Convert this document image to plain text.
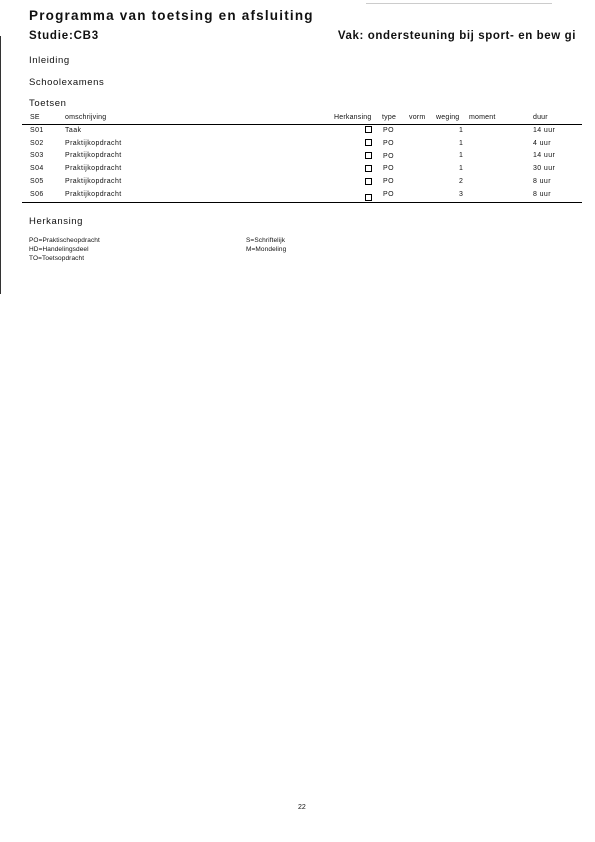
Programma van toetsing en afsluiting
Studie:CB3	Vak: ondersteuning bij sport- en bew gi
Inleiding
Schoolexamens
Toetsen
SE	omschrijving	Herkansing type vorm weging moment	duur
S01	Taak	PO	1	14 uur
S02	Praktijkopdracht	PO	1	4 uur
S03	Praktijkopdracht	PO	1	14 uur
S04	Praktijkopdracht	PO	1	30 uur
S05	Praktijkopdracht	PO	2	8 uur
S06	Praktijkopdracht	PO	3	8 uur
Herkansing
PO=Praktischeopdracht
HD=Handelingsdeel
TO=Toetsopdracht
S=Schriftelijk
M=Mondeling
22
